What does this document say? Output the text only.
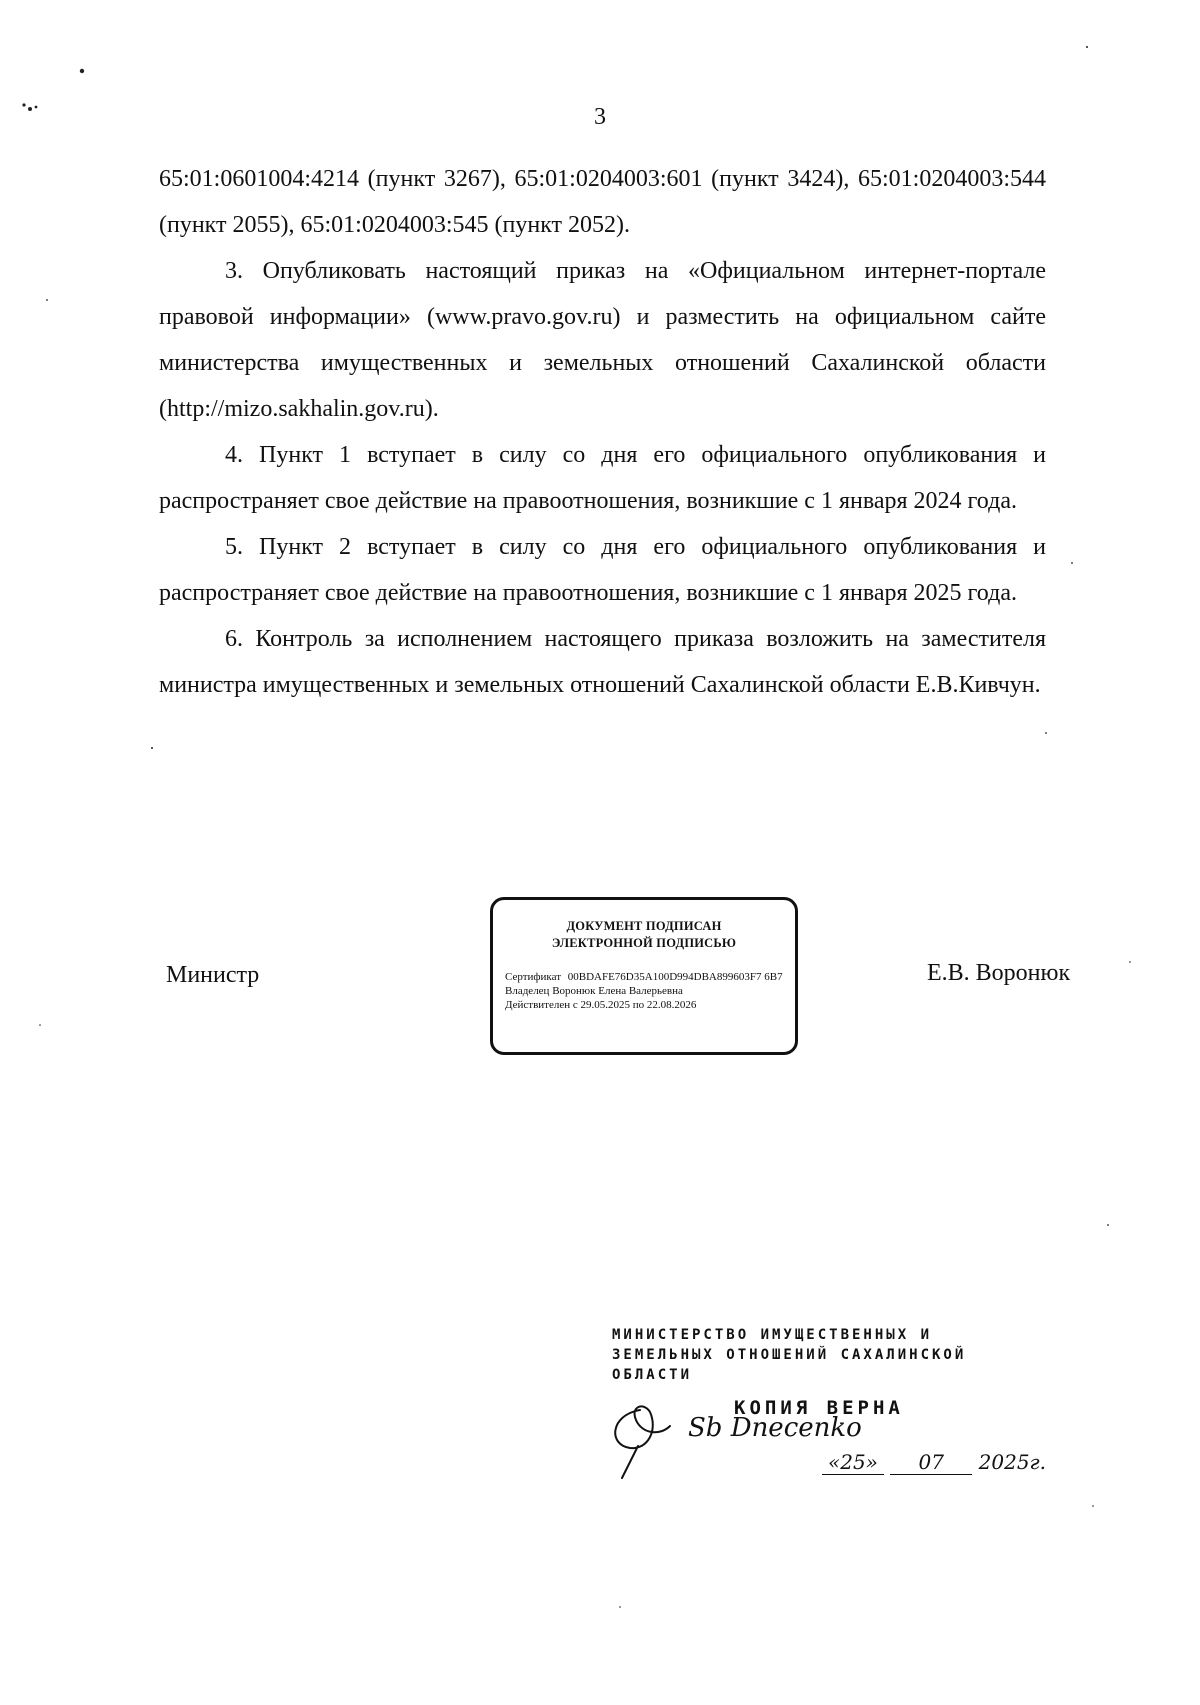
3

65:01:0601004:4214 (пункт 3267), 65:01:0204003:601 (пункт 3424), 65:01:0204003:544 (пункт 2055), 65:01:0204003:545 (пункт 2052).

3. Опубликовать настоящий приказ на «Официальном интернет-портале правовой информации» (www.pravo.gov.ru) и разместить на официальном сайте министерства имущественных и земельных отношений Сахалинской области (http://mizo.sakhalin.gov.ru).

4. Пункт 1 вступает в силу со дня его официального опубликования и распространяет свое действие на правоотношения, возникшие с 1 января 2024 года.

5. Пункт 2 вступает в силу со дня его официального опубликования и распространяет свое действие на правоотношения, возникшие с 1 января 2025 года.

6. Контроль за исполнением настоящего приказа возложить на заместителя министра имущественных и земельных отношений Сахалинской области Е.В.Кивчун.

Министр
ДОКУМЕНТ ПОДПИСАН
ЭЛЕКТРОННОЙ ПОДПИСЬЮ
Сертификат 00BDAFE76D35A100D994DBA899603F7 6B7
Владелец Воронюк Елена Валерьевна
Действителен с 29.05.2025 по 22.08.2026
Е.В. Воронюк
МИНИСТЕРСТВО ИМУЩЕСТВЕННЫХ И
ЗЕМЕЛЬНЫХ ОТНОШЕНИЙ САХАЛИНСКОЙ
ОБЛАСТИ
КОПИЯ ВЕРНА
Sb Dnecenko
«25» 07 2025г.
